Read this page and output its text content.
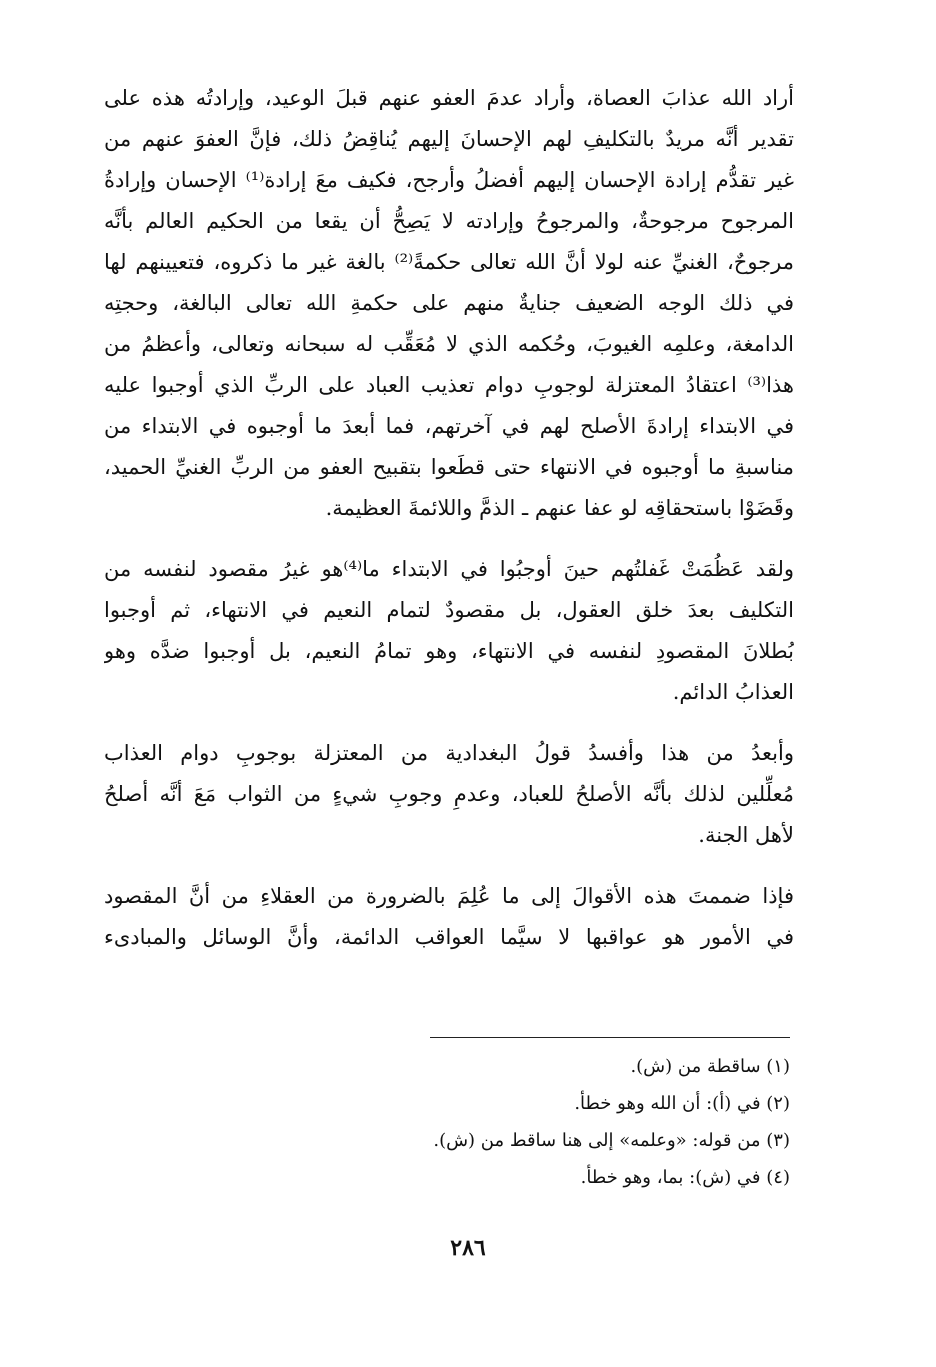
أراد الله عذابَ العصاة، وأراد عدمَ العفو عنهم قبلَ الوعيد، وإرادتُه هذه على
تقدير أنَّه مريدٌ بالتكليفِ لهم الإحسانَ إليهم يُناقِضُ ذلك، فإنَّ العفوَ عنهم من
غير تقدُّم إرادة الإحسان إليهم أفضلُ وأرجح، فكيف معَ إرادة⁽¹⁾ الإحسان وإرادةُ
المرجوح مرجوحةٌ، والمرجوحُ وإرادته لا يَصِحُّ أن يقعا من الحكيم العالم بأنَّه
مرجوحٌ، الغنيِّ عنه لولا أنَّ الله تعالى حكمةً⁽²⁾ بالغة غير ما ذكروه، فتعيينهم لها
في ذلك الوجه الضعيف جنايةٌ منهم على حكمةِ الله تعالى البالغة، وحجتِه
الدامغة، وعلمِه الغيوبَ، وحُكمه الذي لا مُعَقِّب له سبحانه وتعالى، وأعظمُ من
هذا⁽³⁾ اعتقادُ المعتزلة لوجوبِ دوام تعذيب العباد على الربِّ الذي أوجبوا عليه
في الابتداء إرادةَ الأصلح لهم في آخرتهم، فما أبعدَ ما أوجبوه في الابتداء من
مناسبةِ ما أوجبوه في الانتهاء حتى قطَعوا بتقبيح العفو من الربِّ الغنيِّ الحميد،
وقَضَوْا باستحقاقِه لو عفا عنهم ـ الذمَّ واللائمةَ العظيمة.
ولقد عَظُمَتْ غَفلتُهم حينَ أوجبُوا في الابتداء ما⁽⁴⁾هو غيرُ مقصود لنفسه من
التكليف بعدَ خلق العقول، بل مقصودٌ لتمام النعيم في الانتهاء، ثم أوجبوا
بُطلانَ المقصودِ لنفسه في الانتهاء، وهو تمامُ النعيم، بل أوجبوا ضدَّه وهو
العذابُ الدائم.
وأبعدُ من هذا وأفسدُ قولُ البغدادية من المعتزلة بوجوبِ دوام العذاب
مُعلِّلين لذلك بأنَّه الأصلحُ للعباد، وعدمِ وجوبِ شيءٍ من الثواب مَعَ أنَّه أصلحُ
لأهل الجنة.
فإذا ضممتَ هذه الأقوالَ إلى ما عُلِمَ بالضرورة من العقلاءِ من أنَّ المقصود
في الأمور هو عواقبها لا سيَّما العواقب الدائمة، وأنَّ الوسائل والمبادىء
(١) ساقطة من (ش).
(٢) في (أ): أن الله وهو خطأ.
(٣) من قوله: «وعلمه» إلى هنا ساقط من (ش).
(٤) في (ش): بما، وهو خطأ.
٢٨٦
